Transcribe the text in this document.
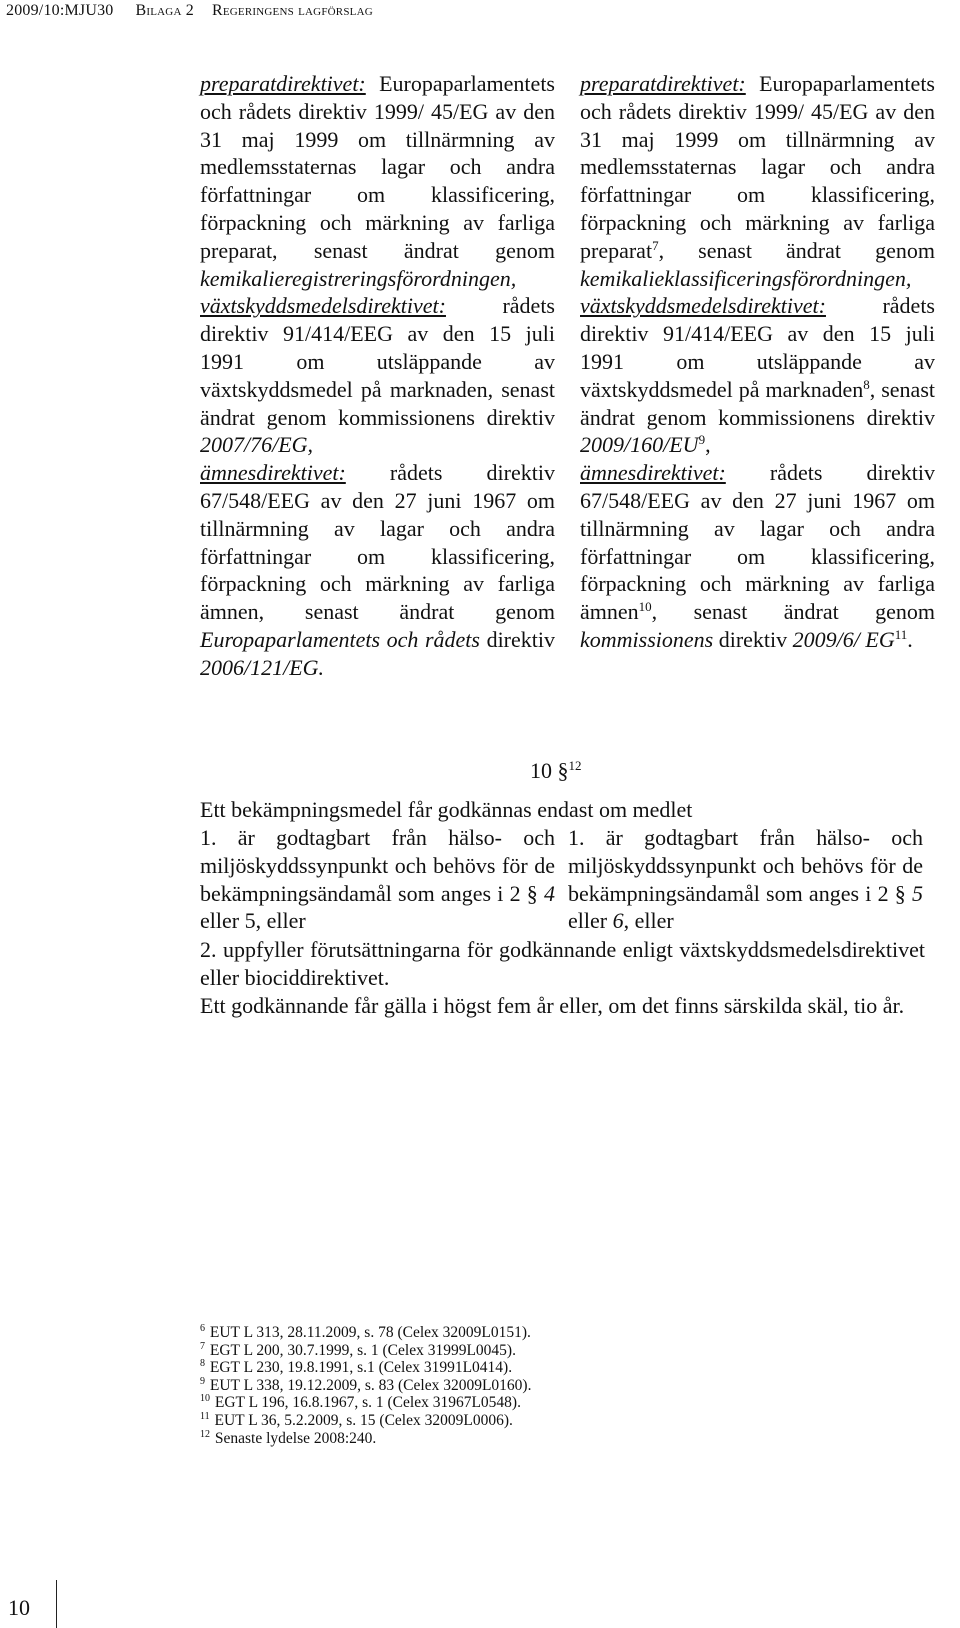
2009/10:MJU30 Bilaga 2 Regeringens lagförslag

preparatdirektivet: Europaparlamentets och rådets direktiv 1999/ 45/EG av den 31 maj 1999 om tillnärmning av medlemsstaternas lagar och andra författningar om klassificering, förpackning och märkning av farliga preparat, senast ändrat genom kemikalieregistreringsförordningen,

växtskyddsmedelsdirektivet: rådets direktiv 91/414/EEG av den 15 juli 1991 om utsläppande av växtskyddsmedel på marknaden, senast ändrat genom kommissionens direktiv 2007/76/EG,

ämnesdirektivet: rådets direktiv 67/548/EEG av den 27 juni 1967 om tillnärmning av lagar och andra författningar om klassificering, förpackning och märkning av farliga ämnen, senast ändrat genom Europaparlamentets och rådets direktiv 2006/121/EG.

preparatdirektivet: Europaparlamentets och rådets direktiv 1999/ 45/EG av den 31 maj 1999 om tillnärmning av medlemsstaternas lagar och andra författningar om klassificering, förpackning och märkning av farliga preparat$^7$, senast ändrat genom kemikalieklassificeringsförordningen,

växtskyddsmedelsdirektivet: rådets direktiv 91/414/EEG av den 15 juli 1991 om utsläppande av växtskyddsmedel på marknaden$^8$, senast ändrat genom kommissionens direktiv $2009/160/EU^9$,

ämnesdirektivet: rådets direktiv 67/548/EEG av den 27 juni 1967 om tillnärmning av lagar och andra författningar om klassificering, förpackning och märkning av farliga ämnen$^{10}$, senast ändrat genom kommissionens direktiv 2009/6/ EG$^{11}$.

10 §$^{12}$
Ett bekämpningsmedel får godkännas endast om medlet
1. är godtagbart från hälso- och miljöskyddssynpunkt och behövs för de bekämpningsändamål som anges i 2 § 4 eller 5, eller
1. är godtagbart från hälso- och miljöskyddssynpunkt och behövs för de bekämpningsändamål som anges i 2 § 5 eller 6, eller
2. uppfyller förutsättningarna för godkännande enligt växtskyddsmedelsdirektivet eller biociddirektivet.
Ett godkännande får gälla i högst fem år eller, om det finns särskilda skäl, tio år.
$^6$ EUT L 313, 28.11.2009, s. 78 (Celex 32009L0151).
$^7$ EGT L 200, 30.7.1999, s. 1 (Celex 31999L0045).
$^8$ EGT L 230, 19.8.1991, s.1 (Celex 31991L0414).
$^9$ EUT L 338, 19.12.2009, s. 83 (Celex 32009L0160).
$^{10}$ EGT L 196, 16.8.1967, s. 1 (Celex 31967L0548).
$^{11}$ EUT L 36, 5.2.2009, s. 15 (Celex 32009L0006).
$^{12}$ Senaste lydelse 2008:240.
10
